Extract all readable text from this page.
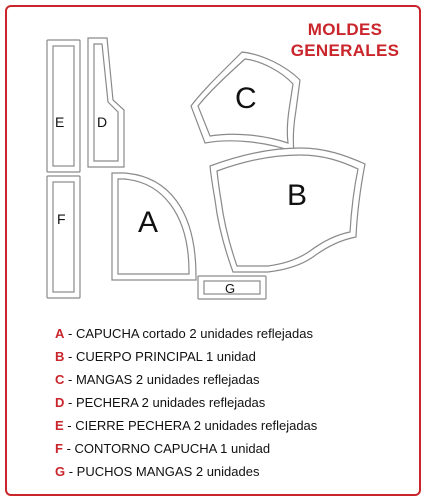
MOLDES
GENERALES
E D
F A
C
B
G
A - CAPUCHA cortado 2 unidades reflejadas
B - CUERPO PRINCIPAL 1 unidad
C - MANGAS 2 unidades reflejadas
D - PECHERA 2 unidades reflejadas
E - CIERRE PECHERA 2 unidades reflejadas
F - CONTORNO CAPUCHA 1 unidad
G - PUCHOS MANGAS 2 unidades
